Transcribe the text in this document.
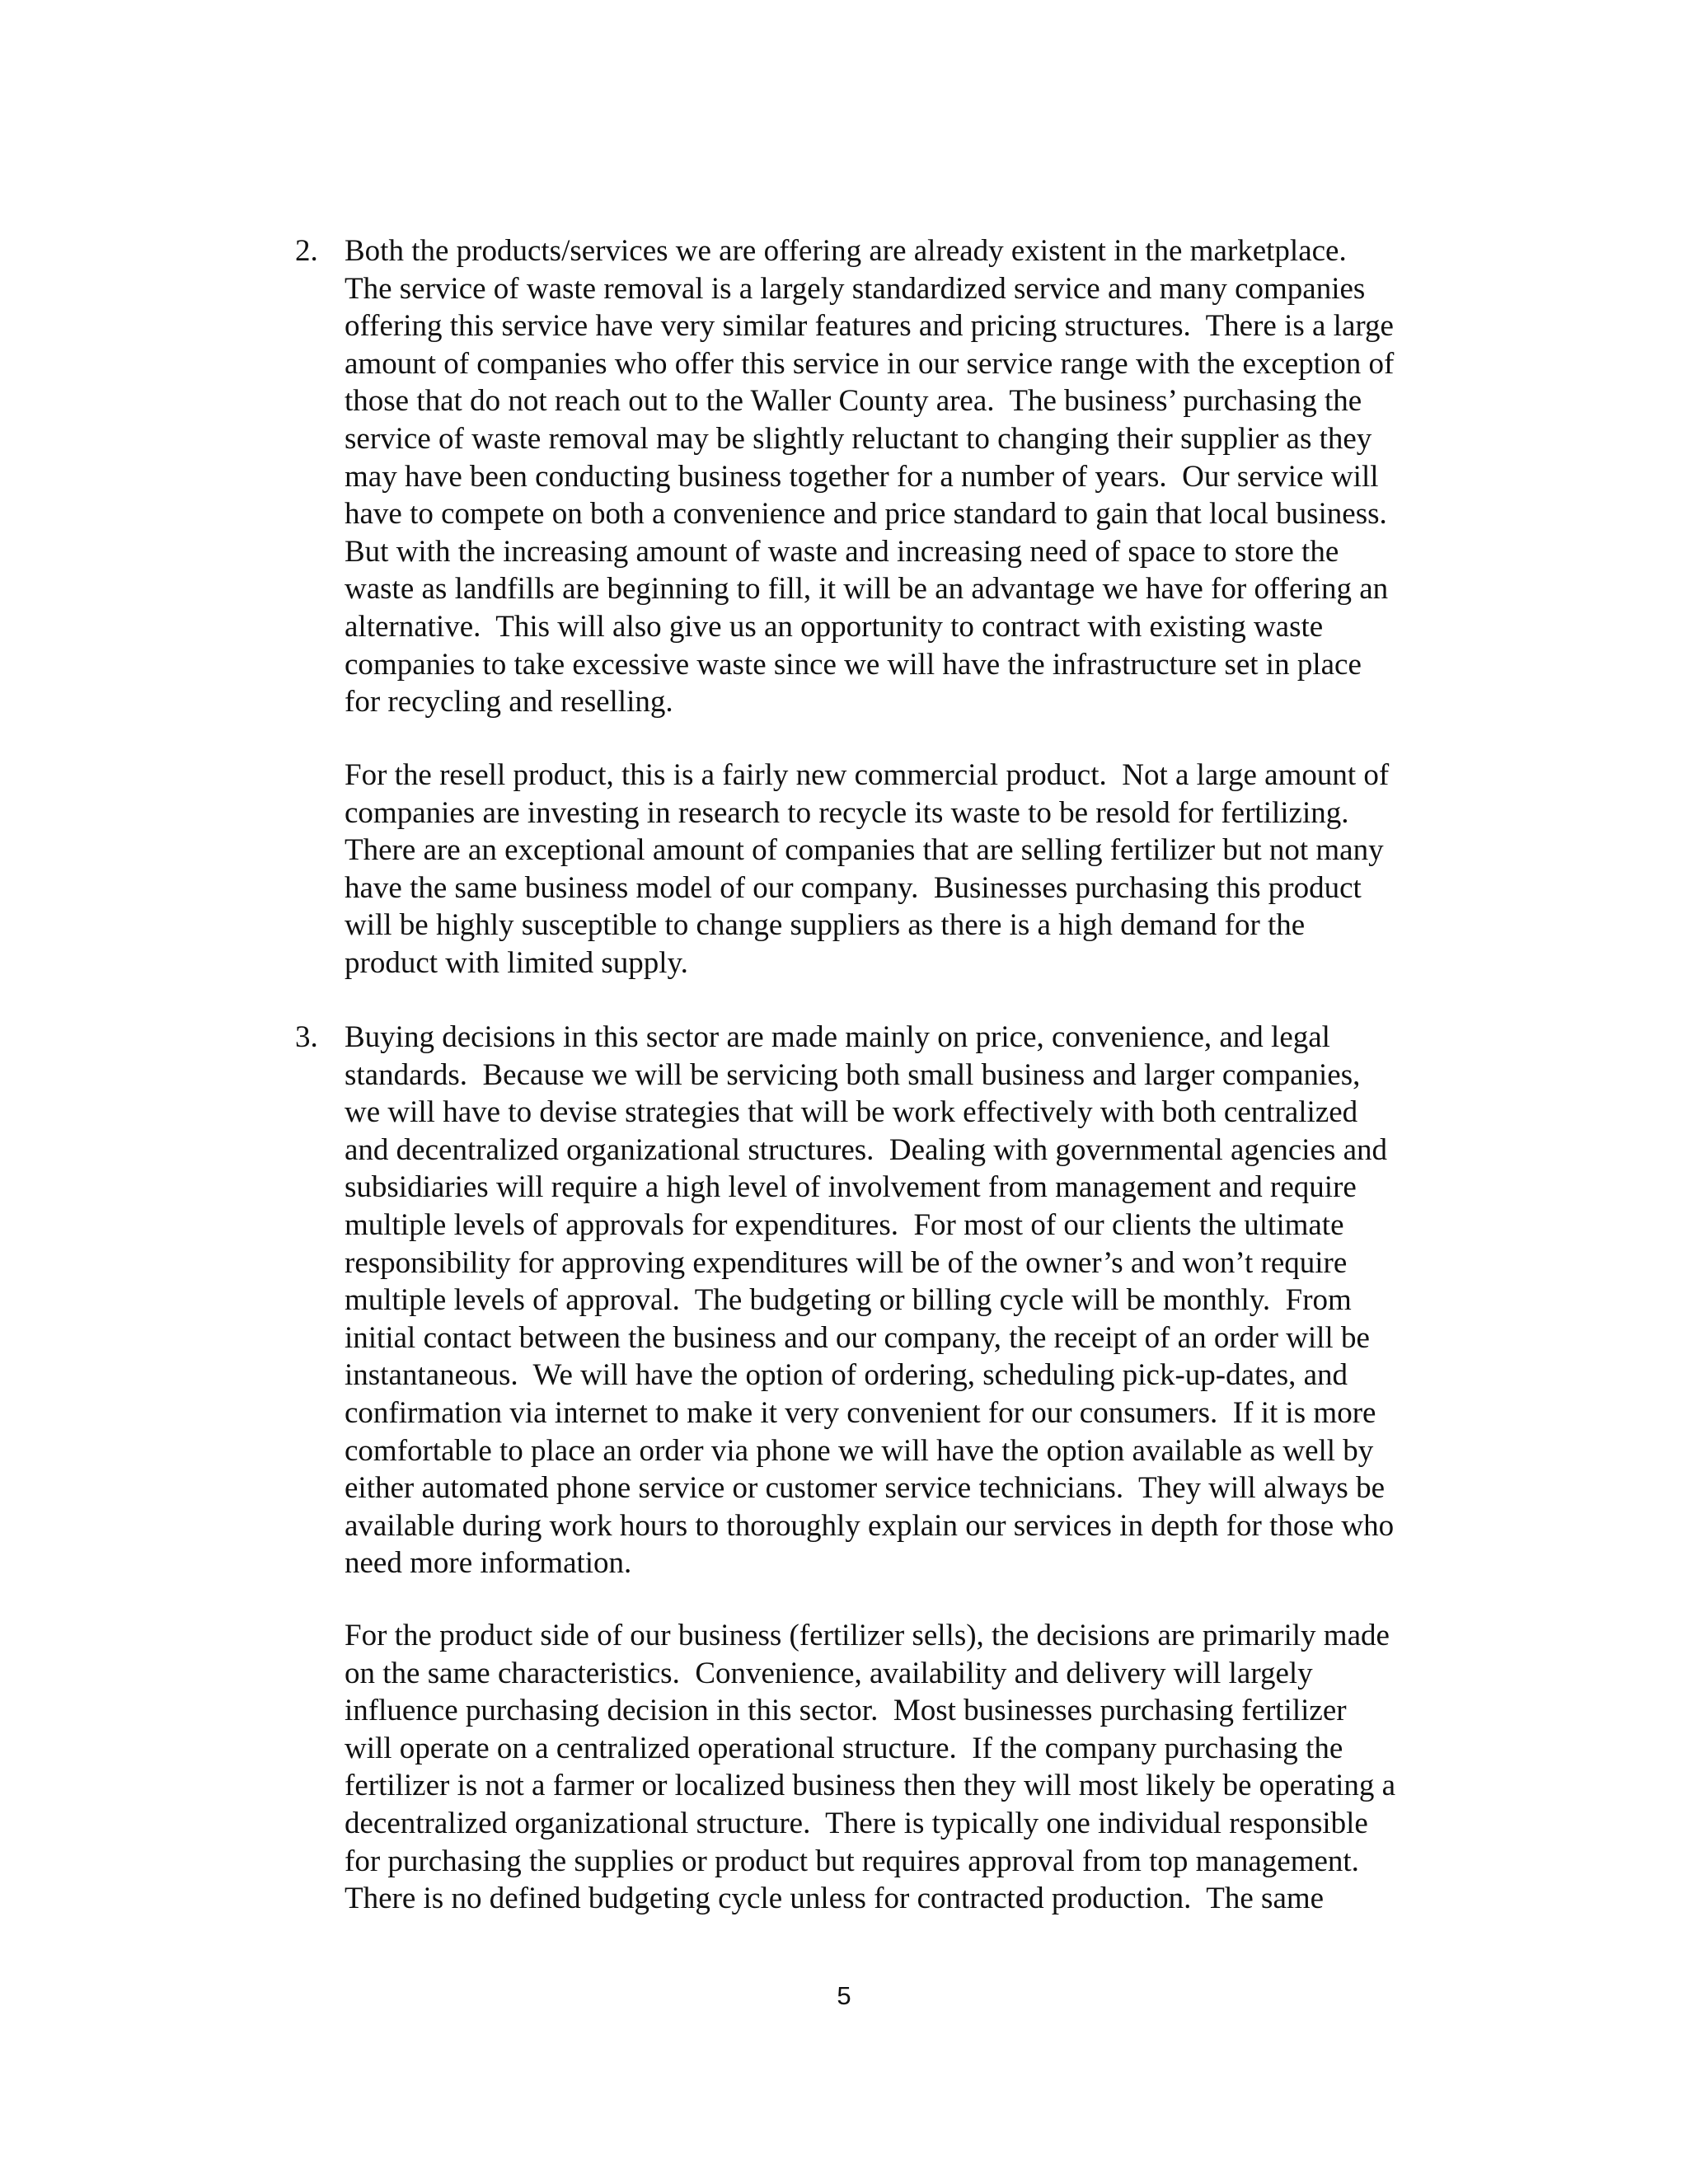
2. Both the products/services we are offering are already existent in the marketplace.
The service of waste removal is a largely standardized service and many companies
offering this service have very similar features and pricing structures.  There is a large
amount of companies who offer this service in our service range with the exception of
those that do not reach out to the Waller County area.  The business’ purchasing the
service of waste removal may be slightly reluctant to changing their supplier as they
may have been conducting business together for a number of years.  Our service will
have to compete on both a convenience and price standard to gain that local business.
But with the increasing amount of waste and increasing need of space to store the
waste as landfills are beginning to fill, it will be an advantage we have for offering an
alternative.  This will also give us an opportunity to contract with existing waste
companies to take excessive waste since we will have the infrastructure set in place
for recycling and reselling.
For the resell product, this is a fairly new commercial product.  Not a large amount of
companies are investing in research to recycle its waste to be resold for fertilizing.
There are an exceptional amount of companies that are selling fertilizer but not many
have the same business model of our company.  Businesses purchasing this product
will be highly susceptible to change suppliers as there is a high demand for the
product with limited supply.
3. Buying decisions in this sector are made mainly on price, convenience, and legal
standards.  Because we will be servicing both small business and larger companies,
we will have to devise strategies that will be work effectively with both centralized
and decentralized organizational structures.  Dealing with governmental agencies and
subsidiaries will require a high level of involvement from management and require
multiple levels of approvals for expenditures.  For most of our clients the ultimate
responsibility for approving expenditures will be of the owner’s and won’t require
multiple levels of approval.  The budgeting or billing cycle will be monthly.  From
initial contact between the business and our company, the receipt of an order will be
instantaneous.  We will have the option of ordering, scheduling pick-up-dates, and
confirmation via internet to make it very convenient for our consumers.  If it is more
comfortable to place an order via phone we will have the option available as well by
either automated phone service or customer service technicians.  They will always be
available during work hours to thoroughly explain our services in depth for those who
need more information.
For the product side of our business (fertilizer sells), the decisions are primarily made
on the same characteristics.  Convenience, availability and delivery will largely
influence purchasing decision in this sector.  Most businesses purchasing fertilizer
will operate on a centralized operational structure.  If the company purchasing the
fertilizer is not a farmer or localized business then they will most likely be operating a
decentralized organizational structure.  There is typically one individual responsible
for purchasing the supplies or product but requires approval from top management.
There is no defined budgeting cycle unless for contracted production.  The same
5
